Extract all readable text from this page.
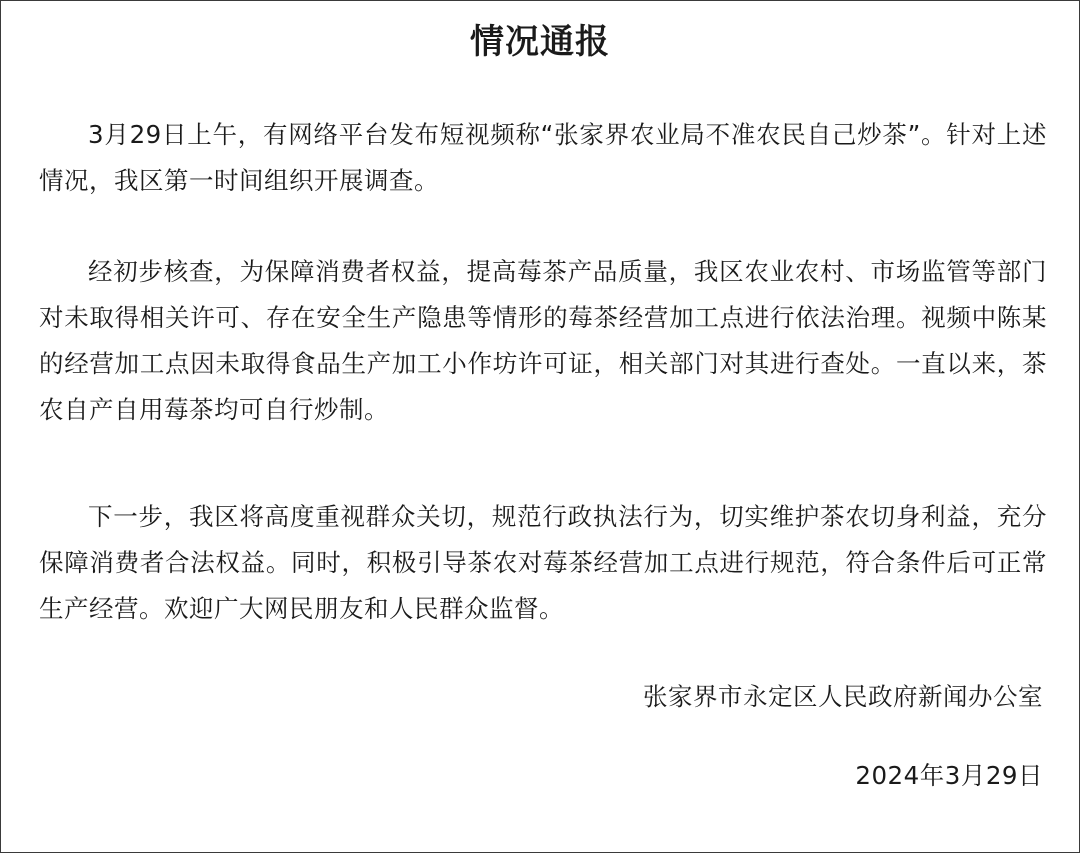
情况通报

3月29日上午，有网络平台发布短视频称“张家界农业局不准农民自己炒茶”。针对上述情况，我区第一时间组织开展调查。

经初步核查，为保障消费者权益，提高莓茶产品质量，我区农业农村、市场监管等部门对未取得相关许可、存在安全生产隐患等情形的莓茶经营加工点进行依法治理。视频中陈某的经营加工点因未取得食品生产加工小作坊许可证，相关部门对其进行查处。一直以来，茶农自产自用莓茶均可自行炒制。

下一步，我区将高度重视群众关切，规范行政执法行为，切实维护茶农切身利益，充分保障消费者合法权益。同时，积极引导茶农对莓茶经营加工点进行规范，符合条件后可正常生产经营。欢迎广大网民朋友和人民群众监督。

张家界市永定区人民政府新闻办公室

2024年3月29日
